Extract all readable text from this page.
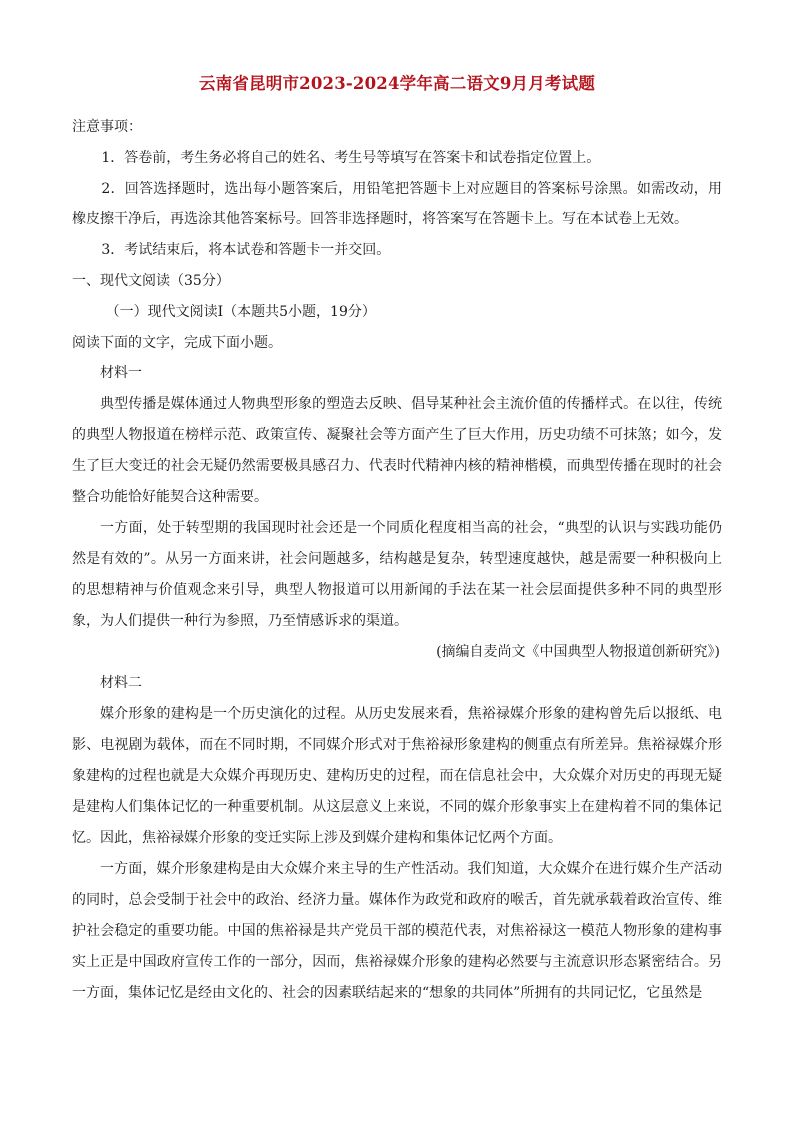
云南省昆明市2023-2024学年高二语文9月月考试题

注意事项：

1．答卷前，考生务必将自己的姓名、考生号等填写在答案卡和试卷指定位置上。

2．回答选择题时，选出每小题答案后，用铅笔把答题卡上对应题目的答案标号涂黑。如需改动，用橡皮擦干净后，再选涂其他答案标号。回答非选择题时，将答案写在答题卡上。写在本试卷上无效。

3．考试结束后，将本试卷和答题卡一并交回。

一、现代文阅读（35分）

（一）现代文阅读Ⅰ（本题共5小题，19分）

阅读下面的文字，完成下面小题。

材料一

典型传播是媒体通过人物典型形象的塑造去反映、倡导某种社会主流价值的传播样式。在以往，传统的典型人物报道在榜样示范、政策宣传、凝聚社会等方面产生了巨大作用，历史功绩不可抹煞；如今，发生了巨大变迁的社会无疑仍然需要极具感召力、代表时代精神内核的精神楷模，而典型传播在现时的社会整合功能恰好能契合这种需要。

一方面，处于转型期的我国现时社会还是一个同质化程度相当高的社会，“典型的认识与实践功能仍然是有效的”。从另一方面来讲，社会问题越多，结构越是复杂，转型速度越快，越是需要一种积极向上的思想精神与价值观念来引导，典型人物报道可以用新闻的手法在某一社会层面提供多种不同的典型形象，为人们提供一种行为参照，乃至情感诉求的渠道。

(摘编自麦尚文《中国典型人物报道创新研究》)

材料二

媒介形象的建构是一个历史演化的过程。从历史发展来看，焦裕禄媒介形象的建构曾先后以报纸、电影、电视剧为载体，而在不同时期，不同媒介形式对于焦裕禄形象建构的侧重点有所差异。焦裕禄媒介形象建构的过程也就是大众媒介再现历史、建构历史的过程，而在信息社会中，大众媒介对历史的再现无疑是建构人们集体记忆的一种重要机制。从这层意义上来说，不同的媒介形象事实上在建构着不同的集体记忆。因此，焦裕禄媒介形象的变迁实际上涉及到媒介建构和集体记忆两个方面。

一方面，媒介形象建构是由大众媒介来主导的生产性活动。我们知道，大众媒介在进行媒介生产活动的同时，总会受制于社会中的政治、经济力量。媒体作为政党和政府的喉舌，首先就承载着政治宣传、维护社会稳定的重要功能。中国的焦裕禄是共产党员干部的模范代表，对焦裕禄这一模范人物形象的建构事实上正是中国政府宣传工作的一部分，因而，焦裕禄媒介形象的建构必然要与主流意识形态紧密结合。另一方面，集体记忆是经由文化的、社会的因素联结起来的“想象的共同体”所拥有的共同记忆，它虽然是
